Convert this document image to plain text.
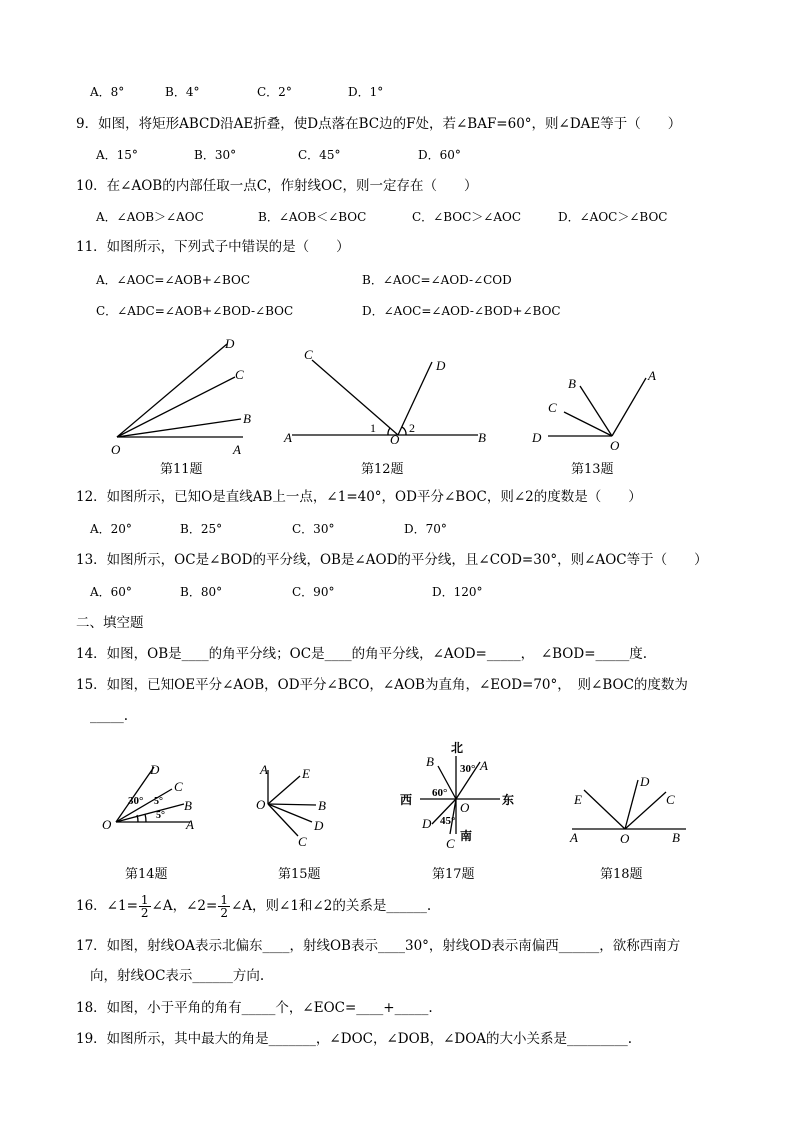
A．8°	B．4°	C．2°	D．1°
9．如图，将矩形ABCD沿AE折叠，使D点落在BC边的F处，若∠BAF=60°，则∠DAE等于（　　）
A．15°	B．30°	C．45°	D．60°
10．在∠AOB的内部任取一点C，作射线OC，则一定存在（　　）
A．∠AOB＞∠AOC	B．∠AOB＜∠BOC	C．∠BOC＞∠AOC	D．∠AOC＞∠BOC
11．如图所示，下列式子中错误的是（　　）
A．∠AOC=∠AOB+∠BOC	B．∠AOC=∠AOD-∠COD
C．∠ADC=∠AOB+∠BOD-∠BOC	D．∠AOC=∠AOD-∠BOD+∠BOC
D
C
B
O	A
第11题
C
D
A	O	B
1	2
第12题
A
B
C
D
O
第13题
12．如图所示，已知O是直线AB上一点，∠1=40°，OD平分∠BOC，则∠2的度数是（　　）
A．20°	B．25°	C．30°	D．70°
13．如图所示，OC是∠BOD的平分线，OB是∠AOD的平分线，且∠COD=30°，则∠AOC等于（　　）
A．60°	B．80°	C．90°	D．120°
二、填空题
14．如图，OB是____的角平分线；OC是____的角平分线，∠AOD=_____，　∠BOD=_____度.
15．如图，已知OE平分∠AOB，OD平分∠BCO，∠AOB为直角，∠EOD=70°，　则∠BOC的度数为
_____.
D
C
B
A
O
30° 5°
5°
第14题
A	E
O	B
D
C
第15题
北
B	A
30°
60°
西	东
O
D 45°
C 南
第17题
D
E	C
A	O	B
第18题
16．∠1= $\frac{1}{2}$ ∠A，∠2= $\frac{1}{2}$ ∠A，则∠1和∠2的关系是______.
17．如图，射线OA表示北偏东____，射线OB表示____30°，射线OD表示南偏西______，欲称西南方
向，射线OC表示______方向.
18．如图，小于平角的角有_____个，∠EOC=____+_____.
19．如图所示，其中最大的角是_______，∠DOC，∠DOB，∠DOA的大小关系是_________.
